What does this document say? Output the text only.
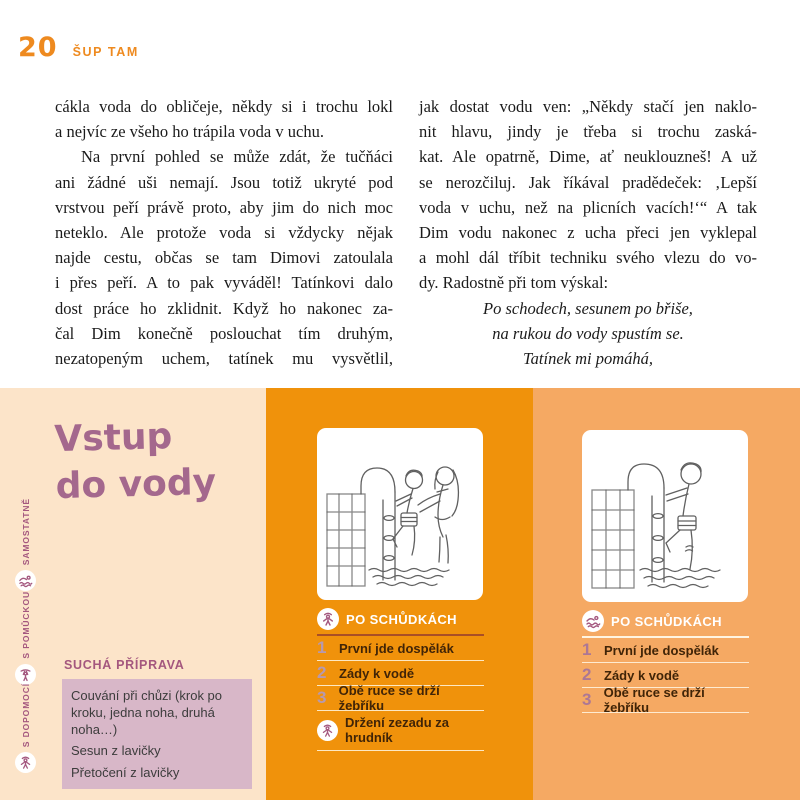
20 ŠUP TAM
cákla voda do obličeje, někdy si i trochu lokl
a nejvíc ze všeho ho trápila voda v uchu.
Na první pohled se může zdát, že tučňáci
ani žádné uši nemají. Jsou totiž ukryté pod
vrstvou peří právě proto, aby jim do nich moc
neteklo. Ale protože voda si vždycky nějak
najde cestu, občas se tam Dimovi zatoulala
i přes peří. A to pak vyváděl! Tatínkovi dalo
dost práce ho zklidnit. Když ho nakonec za-
čal Dim konečně poslouchat tím druhým,
nezatopeným uchem, tatínek mu vysvětlil,
jak dostat vodu ven: „Někdy stačí jen naklo-
nit hlavu, jindy je třeba si trochu zaská-
kat. Ale opatrně, Dime, ať neuklouzneš! A už
se nerozčiluj. Jak říkával pradědeček: ‚Lepší
voda v uchu, než na plicních vacích!‘“ A tak
Dim vodu nakonec z ucha přeci jen vyklepal
a mohl dál tříbit techniku svého vlezu do vo-
dy. Radostně při tom výskal:
Po schodech, sesunem po břiše,
na rukou do vody spustím se.
Tatínek mi pomáhá,
Vstup
do vody
SAMOSTATNĚ
S POMŮCKOU
S DOPOMOCÍ
SUCHÁ PŘÍPRAVA
Couvání při chůzi (krok po kroku, jedna noha, druhá noha…)
Sesun z lavičky
Přetočení z lavičky
PO SCHŮDKÁCH
1 První jde dospělák
2 Zády k vodě
3 Obě ruce se drží žebříku
Držení zezadu za hrudník
PO SCHŮDKÁCH
1 První jde dospělák
2 Zády k vodě
3 Obě ruce se drží žebříku
